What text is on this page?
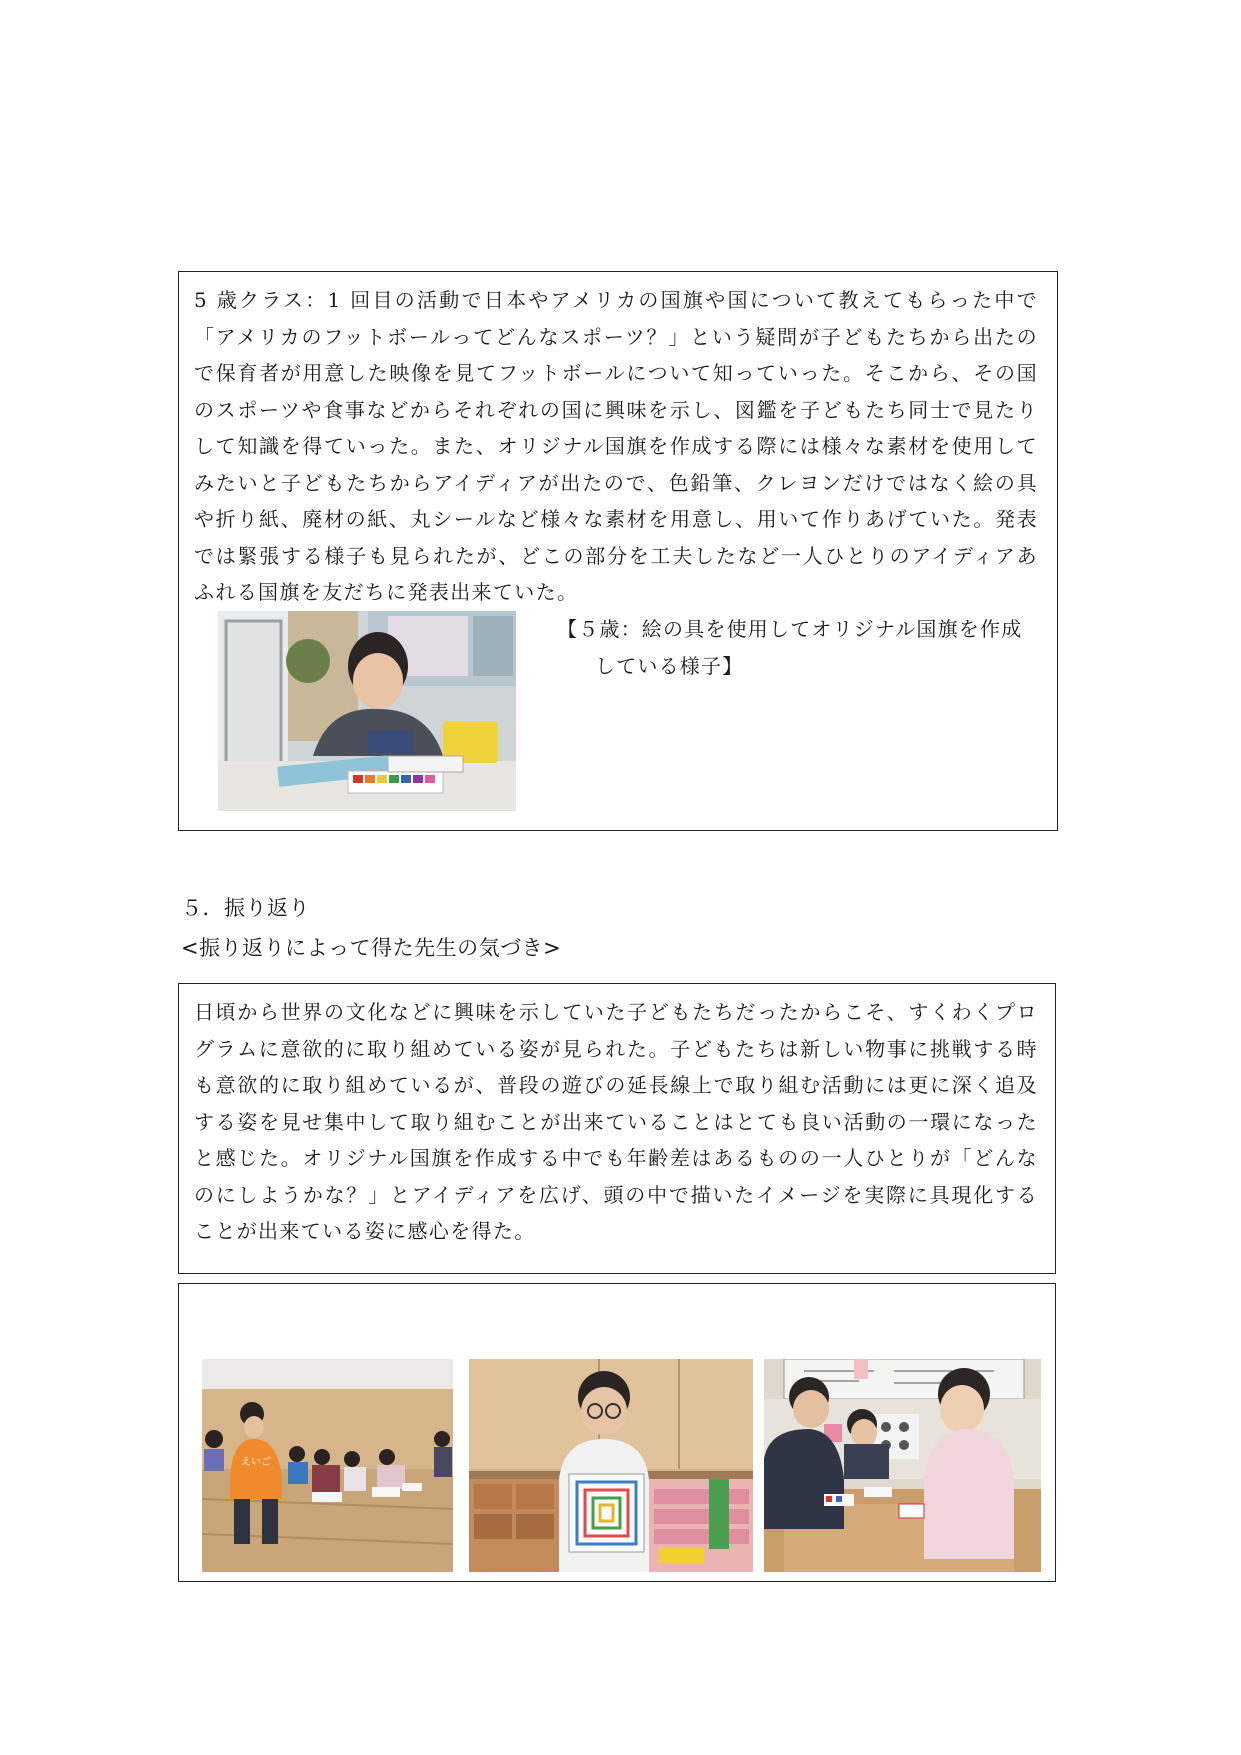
5 歳クラス：1 回目の活動で日本やアメリカの国旗や国について教えてもらった中で「アメリカのフットボールってどんなスポーツ？」という疑問が子どもたちから出たので保育者が用意した映像を見てフットボールについて知っていった。そこから、その国のスポーツや食事などからそれぞれの国に興味を示し、図鑑を子どもたち同士で見たりして知識を得ていった。また、オリジナル国旗を作成する際には様々な素材を使用してみたいと子どもたちからアイディアが出たので、色鉛筆、クレヨンだけではなく絵の具や折り紙、廃材の紙、丸シールなど様々な素材を用意し、用いて作りあげていた。発表では緊張する様子も見られたが、どこの部分を工夫したなど一人ひとりのアイディアあふれる国旗を友だちに発表出来ていた。

【５歳：絵の具を使用してオリジナル国旗を作成
している様子】
５．振り返り
<振り返りによって得た先生の気づき>

日頃から世界の文化などに興味を示していた子どもたちだったからこそ、すくわくプログラムに意欲的に取り組めている姿が見られた。子どもたちは新しい物事に挑戦する時も意欲的に取り組めているが、普段の遊びの延長線上で取り組む活動には更に深く追及する姿を見せ集中して取り組むことが出来ていることはとても良い活動の一環になったと感じた。オリジナル国旗を作成する中でも年齢差はあるものの一人ひとりが「どんなのにしようかな？」とアイディアを広げ、頭の中で描いたイメージを実際に具現化することが出来ている姿に感心を得た。

えいご
